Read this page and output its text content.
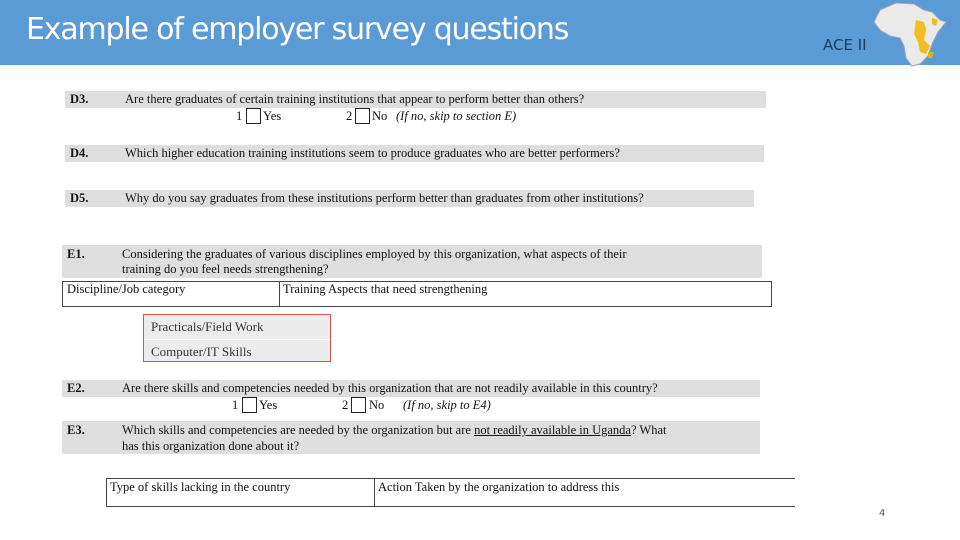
Example of employer survey questions	ACE II
D3.	Are there graduates of certain training institutions that appear to perform better than others?
1 Yes	2 No (If no, skip to section E)
D4.	Which higher education training institutions seem to produce graduates who are better performers?
D5.	Why do you say graduates from these institutions perform better than graduates from other institutions?
E1.	Considering the graduates of various disciplines employed by this organization, what aspects of their
training do you feel needs strengthening?
Discipline/Job category	Training Aspects that need strengthening
Practicals/Field Work
Computer/IT Skills
E2.	Are there skills and competencies needed by this organization that are not readily available in this country?
1 Yes	2 No (If no, skip to E4)
E3.	Which skills and competencies are needed by the organization but are not readily available in Uganda? What
has this organization done about it?
Type of skills lacking in the country	Action Taken by the organization to address this
4
